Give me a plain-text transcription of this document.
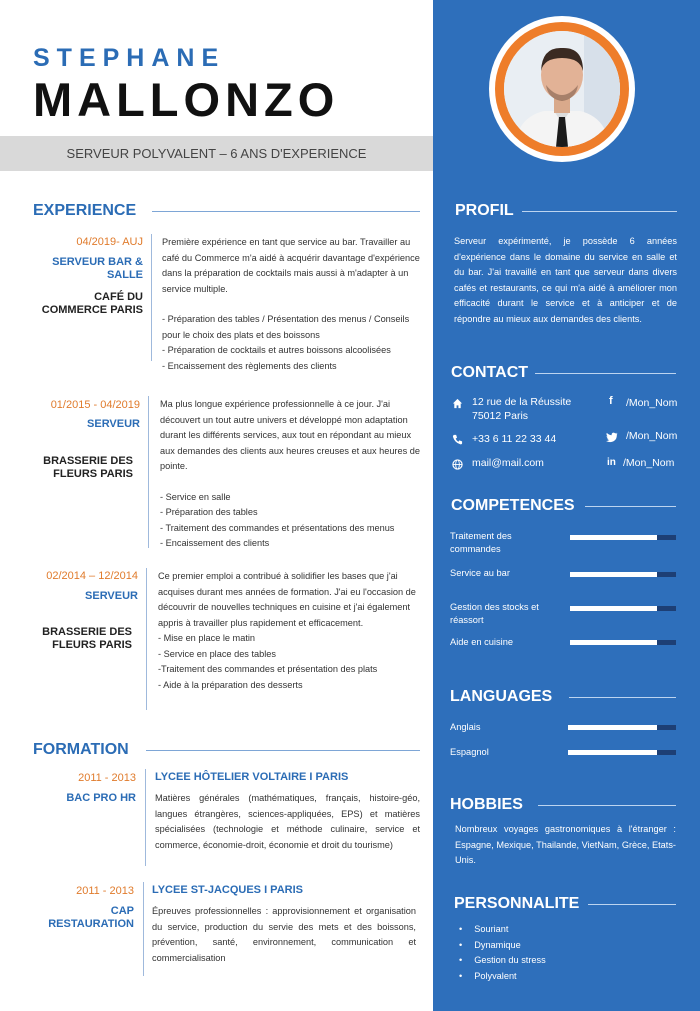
STEPHANE
MALLONZO
SERVEUR POLYVALENT – 6 ANS D'EXPERIENCE
EXPERIENCE
04/2019- AUJ
SERVEUR BAR & SALLE
CAFÉ DU COMMERCE PARIS

Première expérience en tant que service au bar. Travailler au café du Commerce m'a aidé à acquérir davantage d'expérience dans la préparation de cocktails mais aussi à m'adapter à un service multiple.

- Préparation des tables / Présentation des menus / Conseils pour le choix des plats et des boissons
- Préparation de cocktails et autres boissons alcoolisées
- Encaissement des règlements des clients
01/2015 - 04/2019
SERVEUR
BRASSERIE DES FLEURS PARIS

Ma plus longue expérience professionnelle à ce jour. J'ai découvert un tout autre univers et développé mon adaptation durant les différents services, aux tout en répondant au mieux aux demandes des clients aux heures creuses et aux heures de pointe.

- Service en salle
- Préparation des tables
- Traitement des commandes et présentations des menus
- Encaissement des clients
02/2014 – 12/2014
SERVEUR
BRASSERIE DES FLEURS PARIS

Ce premier emploi a contribué à solidifier les bases que j'ai acquises durant mes années de formation. J'ai eu l'occasion de découvrir de nouvelles techniques en cuisine et j'ai également appris à travailler plus rapidement et efficacement.

- Mise en place le matin
- Service en place des tables
-Traitement des commandes et présentation des plats
- Aide à la préparation des desserts
FORMATION
2011 - 2013
BAC PRO HR
LYCEE HÔTELIER VOLTAIRE I PARIS
Matières générales (mathématiques, français, histoire-géo, langues étrangères, sciences-appliquées, EPS) et matières spécialisées (technologie et méthode culinaire, service et commerce, économie-droit, économie et droit du tourisme)
2011 - 2013
CAP RESTAURATION
LYCEE ST-JACQUES I PARIS
Épreuves professionnelles : approvisionnement et organisation du service, production du servie des mets et des boissons, prévention, santé, environnement, communication et commercialisation
PROFIL
Serveur expérimenté, je possède 6 années d'expérience dans le domaine du service en salle et du bar. J'ai travaillé en tant que serveur dans divers cafés et restaurants, ce qui m'a aidé à améliorer mon efficacité durant le service et à anticiper et de répondre au mieux aux demandes des clients.
CONTACT
12 rue de la Réussite 75012 Paris
+33 6 11 22 33 44
mail@mail.com
f /Mon_Nom
/Mon_Nom
in /Mon_Nom
COMPETENCES
Traitement des commandes
Service au bar
Gestion des stocks et réassort
Aide en cuisine
LANGUAGES
Anglais
Espagnol
HOBBIES
Nombreux voyages gastronomiques à l'étranger : Espagne, Mexique, Thailande, VietNam, Grèce, Etats-Unis.
PERSONNALITE
• Souriant
• Dynamique
• Gestion du stress
• Polyvalent
